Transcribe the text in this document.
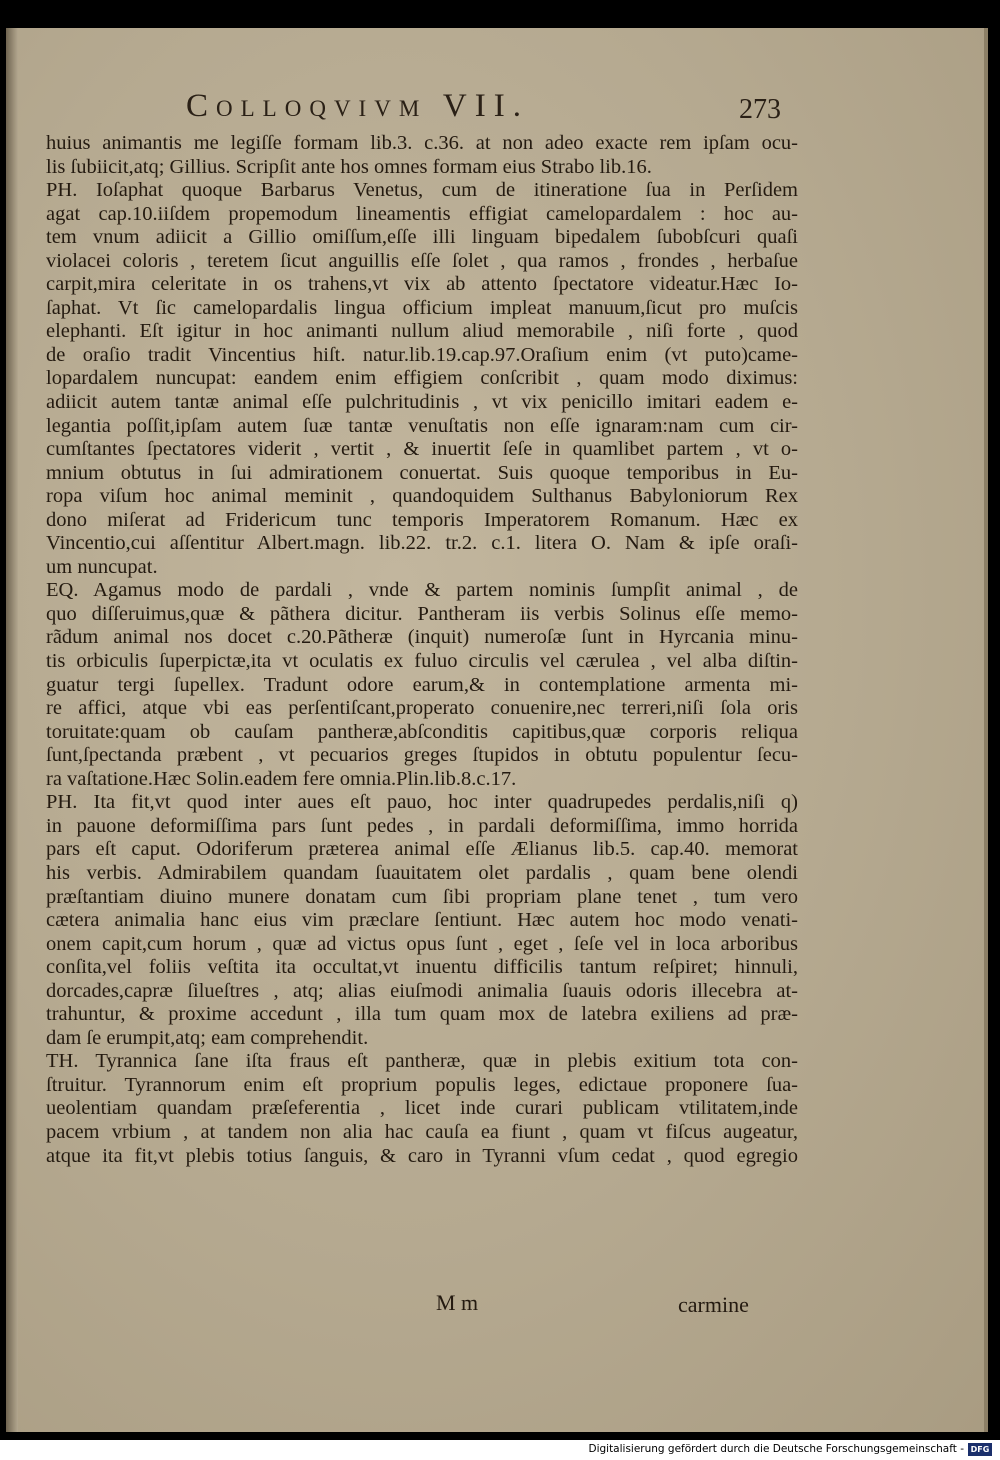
Colloqvivm VII.	273
huius animantis me legiſſe formam lib.3. c.36. at non adeo exacte rem ipſam ocu-
lis ſubiicit,atq; Gillius. Scripſit ante hos omnes formam eius Strabo lib.16.
PH. Ioſaphat quoque Barbarus Venetus, cum de itineratione ſua in Perſidem
agat cap.10.iiſdem propemodum lineamentis effigiat camelopardalem : hoc au-
tem vnum adiicit a Gillio omiſſum,eſſe illi linguam bipedalem ſubobſcuri quaſi
violacei coloris , teretem ſicut anguillis eſſe ſolet , qua ramos , frondes , herbaſue
carpit,mira celeritate in os trahens,vt vix ab attento ſpectatore videatur.Hæc Io-
ſaphat. Vt ſic camelopardalis lingua officium impleat manuum,ſicut pro muſcis
elephanti. Eſt igitur in hoc animanti nullum aliud memorabile , niſi forte , quod
de oraſio tradit Vincentius hiſt. natur.lib.19.cap.97.Oraſium enim (vt puto)came-
lopardalem nuncupat: eandem enim effigiem conſcribit , quam modo diximus:
adiicit autem tantæ animal eſſe pulchritudinis , vt vix penicillo imitari eadem e-
legantia poſſit,ipſam autem ſuæ tantæ venuſtatis non eſſe ignaram:nam cum cir-
cumſtantes ſpectatores viderit , vertit , & inuertit ſeſe in quamlibet partem , vt o-
mnium obtutus in ſui admirationem conuertat. Suis quoque temporibus in Eu-
ropa viſum hoc animal meminit , quandoquidem Sulthanus Babyloniorum Rex
dono miſerat ad Fridericum tunc temporis Imperatorem Romanum. Hæc ex
Vincentio,cui aſſentitur Albert.magn. lib.22. tr.2. c.1. litera O. Nam & ipſe oraſi-
um nuncupat.
EQ. Agamus modo de pardali , vnde & partem nominis ſumpſit animal , de
quo diſſeruimus,quæ & pãthera dicitur. Pantheram iis verbis Solinus eſſe memo-
rãdum animal nos docet c.20.Pãtheræ (inquit) numeroſæ ſunt in Hyrcania minu-
tis orbiculis ſuperpictæ,ita vt oculatis ex fuluo circulis vel cærulea , vel alba diſtin-
guatur tergi ſupellex. Tradunt odore earum,& in contemplatione armenta mi-
re affici, atque vbi eas perſentiſcant,properato conuenire,nec terreri,niſi ſola oris
toruitate:quam ob cauſam pantheræ,abſconditis capitibus,quæ corporis reliqua
ſunt,ſpectanda præbent , vt pecuarios greges ſtupidos in obtutu populentur ſecu-
ra vaſtatione.Hæc Solin.eadem fere omnia.Plin.lib.8.c.17.
PH. Ita fit,vt quod inter aues eſt pauo, hoc inter quadrupedes perdalis,niſi q)
in pauone deformiſſima pars ſunt pedes , in pardali deformiſſima, immo horrida
pars eſt caput. Odoriferum præterea animal eſſe Ælianus lib.5. cap.40. memorat
his verbis. Admirabilem quandam ſuauitatem olet pardalis , quam bene olendi
præſtantiam diuino munere donatam cum ſibi propriam plane tenet , tum vero
cætera animalia hanc eius vim præclare ſentiunt. Hæc autem hoc modo venati-
onem capit,cum horum , quæ ad victus opus ſunt , eget , ſeſe vel in loca arboribus
conſita,vel foliis veſtita ita occultat,vt inuentu difficilis tantum reſpiret; hinnuli,
dorcades,capræ ſilueſtres , atq; alias eiuſmodi animalia ſuauis odoris illecebra at-
trahuntur, & proxime accedunt , illa tum quam mox de latebra exiliens ad præ-
dam ſe erumpit,atq; eam comprehendit.
TH. Tyrannica ſane iſta fraus eſt pantheræ, quæ in plebis exitium tota con-
ſtruitur. Tyrannorum enim eſt proprium populis leges, edictaue proponere ſua-
ueolentiam quandam præſeferentia , licet inde curari publicam vtilitatem,inde
pacem vrbium , at tandem non alia hac cauſa ea fiunt , quam vt fiſcus augeatur,
atque ita fit,vt plebis totius ſanguis, & caro in Tyranni vſum cedat , quod egregio
M m	carmine
Digitalisierung gefördert durch die Deutsche Forschungsgemeinschaft - DFG
